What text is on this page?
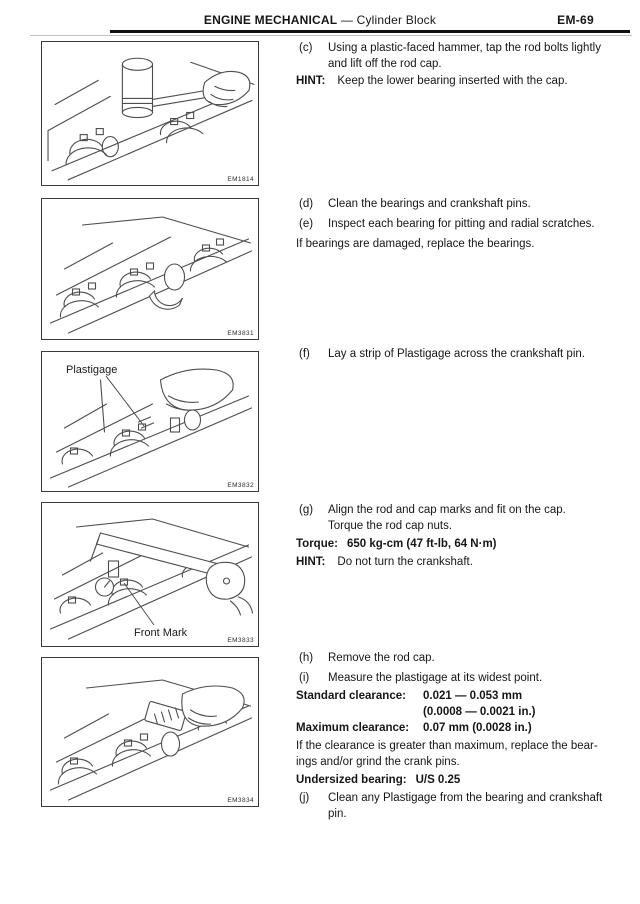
ENGINE MECHANICAL — Cylinder Block	EM-69
EM1814
EM3831
Plastigage
EM3832
Front Mark
EM3833
EM3834
(c) Using a plastic-faced hammer, tap the rod bolts lightly
and lift off the rod cap.
HINT: Keep the lower bearing inserted with the cap.
(d) Clean the bearings and crankshaft pins.
(e) Inspect each bearing for pitting and radial scratches.
If bearings are damaged, replace the bearings.
(f) Lay a strip of Plastigage across the crankshaft pin.
(g) Align the rod and cap marks and fit on the cap.
Torque the rod cap nuts.
Torque: 650 kg-cm (47 ft-lb, 64 N·m)
HINT: Do not turn the crankshaft.
(h) Remove the rod cap.
(i) Measure the plastigage at its widest point.
Standard clearance:	0.021 — 0.053 mm
(0.0008 — 0.0021 in.)
Maximum clearance:	0.07 mm (0.0028 in.)
If the clearance is greater than maximum, replace the bear-
ings and/or grind the crank pins.
Undersized bearing: U/S 0.25
(j) Clean any Plastigage from the bearing and crankshaft
pin.
